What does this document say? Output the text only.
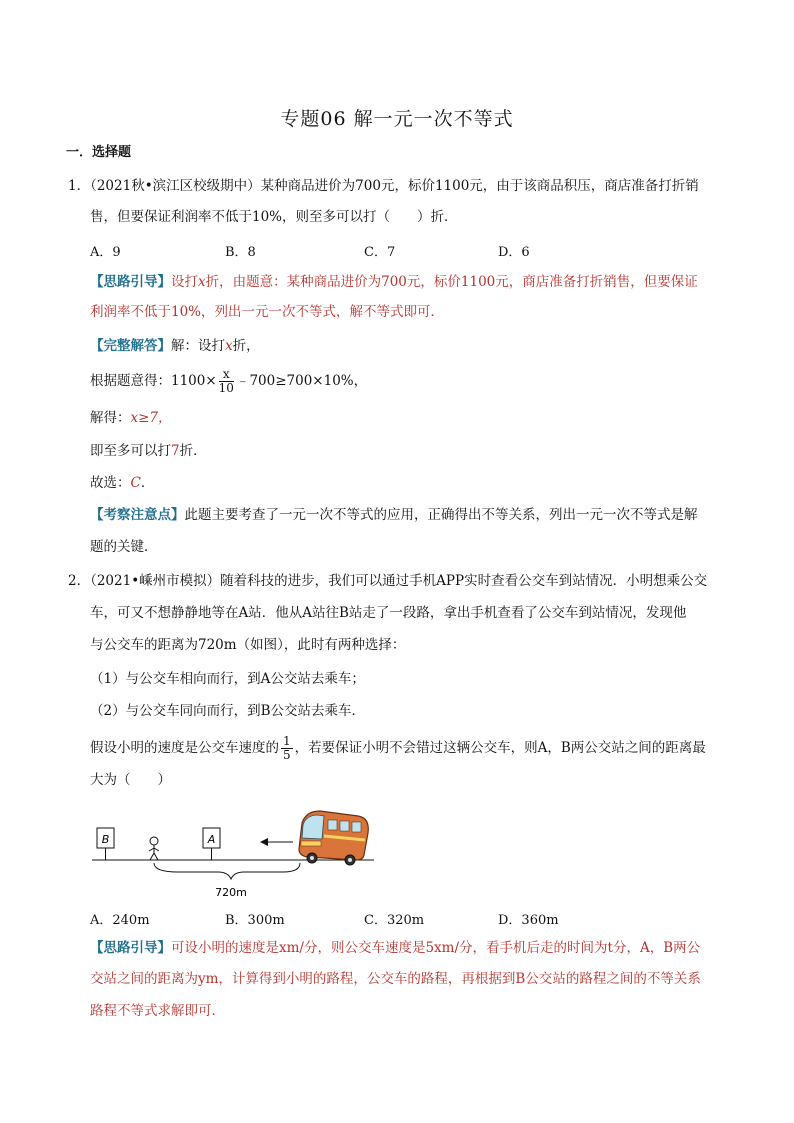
专题06 解一元一次不等式
一．选择题
1．（2021秋•滨江区校级期中）某种商品进价为700元，标价1100元，由于该商品积压，商店准备打折销
售，但要保证利润率不低于10%，则至多可以打（　　）折．
A．9	B．8	C．7	D．6
【思路引导】设打x折，由题意：某种商品进价为700元，标价1100元，商店准备打折销售，但要保证
利润率不低于10%，列出一元一次不等式，解不等式即可．
【完整解答】解：设打x折，
根据题意得：$1100\times \frac{x}{10}$ ﹣700≥700×10%，
解得：x≥7，
即至多可以打7折．
故选：C．
【考察注意点】此题主要考查了一元一次不等式的应用，正确得出不等关系，列出一元一次不等式是解
题的关键．
2．（2021•嵊州市模拟）随着科技的进步，我们可以通过手机APP实时查看公交车到站情况．小明想乘公交
车，可又不想静静地等在A站．他从A站往B站走了一段路，拿出手机查看了公交车到站情况，发现他
与公交车的距离为720m（如图），此时有两种选择：
（1）与公交车相向而行，到A公交站去乘车；
（2）与公交车同向而行，到B公交站去乘车．
假设小明的速度是公交车速度的 $\frac{1}{5}$ ，若要保证小明不会错过这辆公交车，则A，B两公交站之间的距离最
大为（　　）
B	A
720m
A．240m	B．300m	C．320m	D．360m
【思路引导】可设小明的速度是xm/分，则公交车速度是5xm/分，看手机后走的时间为t分，A，B两公
交站之间的距离为ym，计算得到小明的路程，公交车的路程，再根据到B公交站的路程之间的不等关系
路程不等式求解即可．
